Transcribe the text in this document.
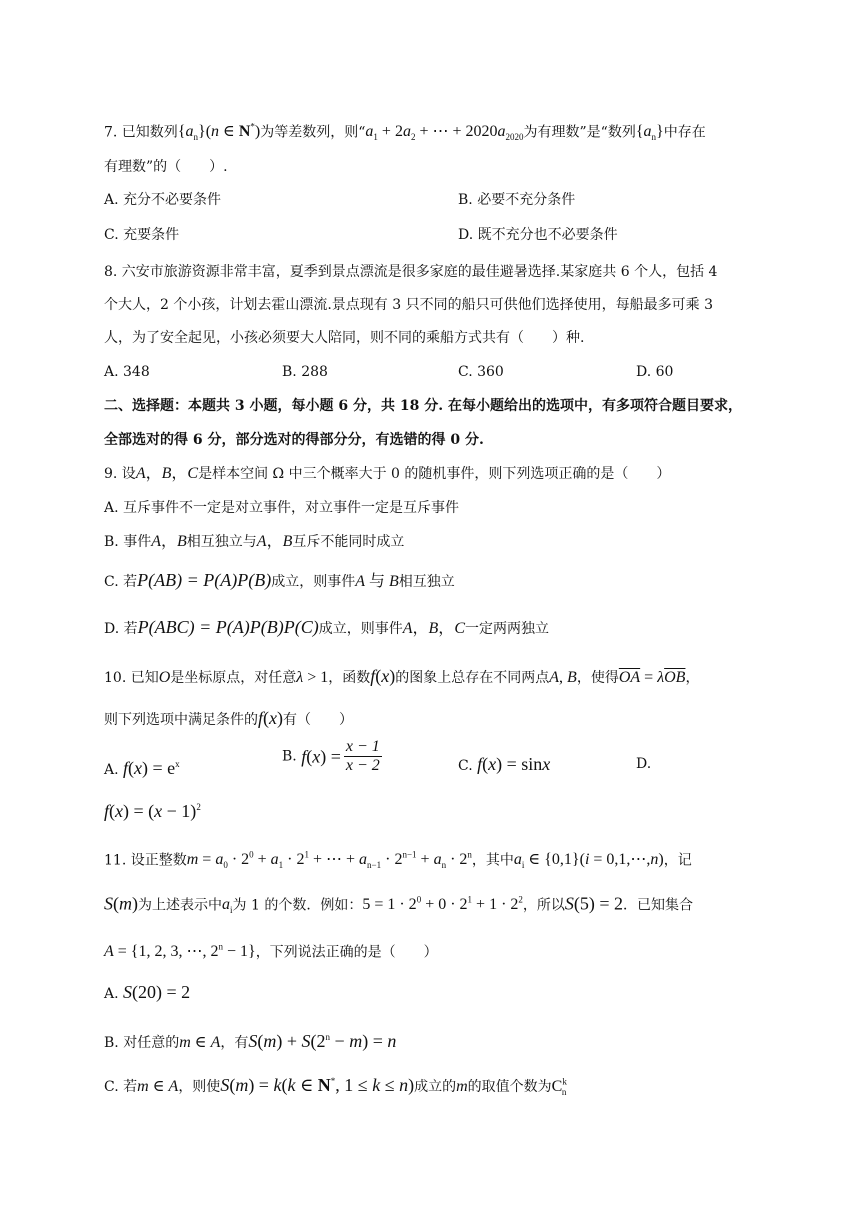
7. 已知数列$\{a_n\}(n$ ∈ N*)为等差数列，则“$a_1 + 2a_2$ + ⋯ + $2020a_{2020}$为有理数”是“数列$\{a_n\}$中存在
有理数”的（　　）.
A. 充分不必要条件	B. 必要不充分条件
C. 充要条件	D. 既不充分也不必要条件
8. 六安市旅游资源非常丰富，夏季到景点漂流是很多家庭的最佳避暑选择.某家庭共 6 个人，包括 4
个大人，2 个小孩，计划去霍山漂流.景点现有 3 只不同的船只可供他们选择使用，每船最多可乘 3
人，为了安全起见，小孩必须要大人陪同，则不同的乘船方式共有（　　）种.
A. 348	B. 288	C. 360	D. 60
二、选择题：本题共 3 小题，每小题 6 分，共 18 分. 在每小题给出的选项中，有多项符合题目要求，
全部选对的得 6 分，部分选对的得部分分，有选错的得 0 分.
9. 设A，B，C是样本空间 Ω 中三个概率大于 0 的随机事件，则下列选项正确的是（　　）
A. 互斥事件不一定是对立事件，对立事件一定是互斥事件
B. 事件A，B相互独立与A，B互斥不能同时成立
C. 若P(AB) = P(A)P(B)成立，则事件A 与 B相互独立
D. 若P(ABC) = P(A)P(B)P(C)成立，则事件A，B，C一定两两独立
10. 已知O是坐标原点，对任意λ > 1，函数f(x)的图象上总存在不同两点A, B，使得$\overline{OA} = \lambda\overline{OB}$，
则下列选项中满足条件的f(x)有（　　）
A. $f(x) = e^x$	B. $f(x) = \frac{x - 1}{x - 2}$	C. f(x) = sinx	D.
$f(x) = (x - 1)^2$
11. 设正整数$m = a_0 \cdot 2^0 + a_1 \cdot 2^1$ + ⋯ + $a_{n-1} \cdot 2^{n-1} + a_n \cdot 2^n$，其中$a_i$ ∈ {0,1}(i = 0,1,⋯,n)，记
S(m)为上述表示中$a_i$为 1 的个数．例如：$5 = 1 \cdot 2^0 + 0 \cdot 2^1 + 1 \cdot 2^2$，所以S(5) = 2．已知集合
A = {1, 2, 3, ⋯, $2^n - 1$}，下列说法正确的是（　　）
A. S(20) = 2
B. 对任意的m ∈ A，有$S(m) + S(2^n - m) = n$
C. 若m ∈ A，则使S(m) = k(k ∈ N*, 1 ≤ k ≤ n)成立的m的取值个数为$C^k_n$
